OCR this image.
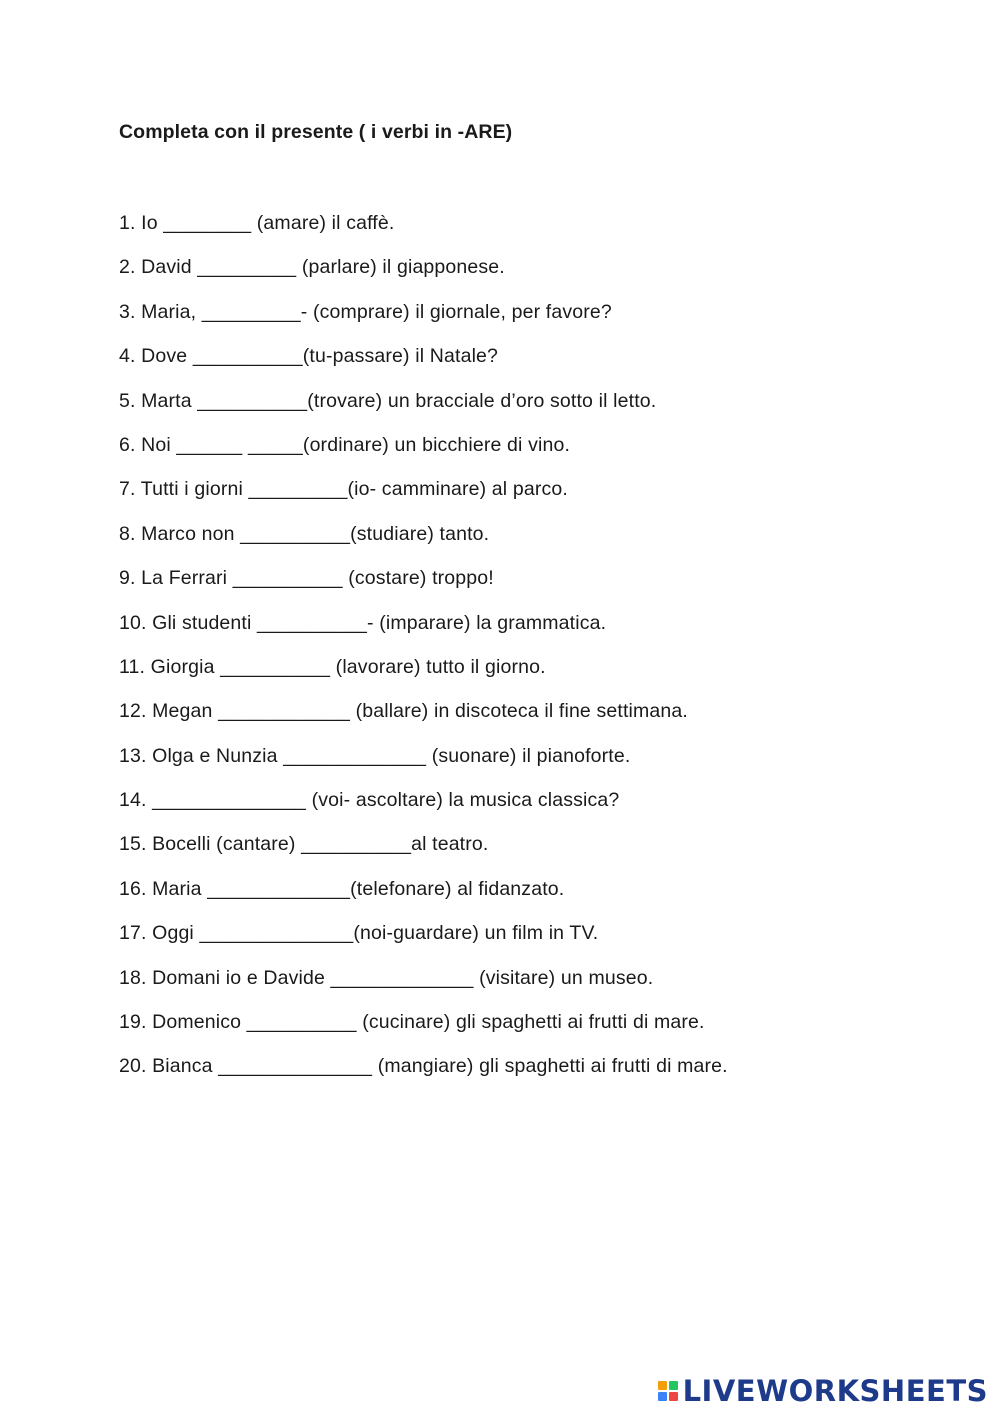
Completa con il presente ( i verbi in -ARE)
1. Io ________ (amare) il caffè.
2. David _________ (parlare) il giapponese.
3. Maria, _________- (comprare) il giornale, per favore?
4. Dove __________(tu-passare) il Natale?
5. Marta __________(trovare) un bracciale d’oro sotto il letto.
6. Noi ______ _____(ordinare) un bicchiere di vino.
7. Tutti i giorni _________(io- camminare) al parco.
8. Marco non __________(studiare) tanto.
9. La Ferrari __________ (costare) troppo!
10. Gli studenti __________- (imparare) la grammatica.
11. Giorgia __________ (lavorare) tutto il giorno.
12. Megan ____________ (ballare) in discoteca il fine settimana.
13. Olga e Nunzia _____________ (suonare) il pianoforte.
14. ______________ (voi- ascoltare) la musica classica?
15. Bocelli (cantare) __________al teatro.
16. Maria _____________(telefonare) al fidanzato.
17. Oggi ______________(noi-guardare) un film in TV.
18. Domani io e Davide _____________ (visitare) un museo.
19. Domenico __________ (cucinare) gli spaghetti ai frutti di mare.
20. Bianca ______________ (mangiare) gli spaghetti ai frutti di mare.
LIVEWORKSHEETS
